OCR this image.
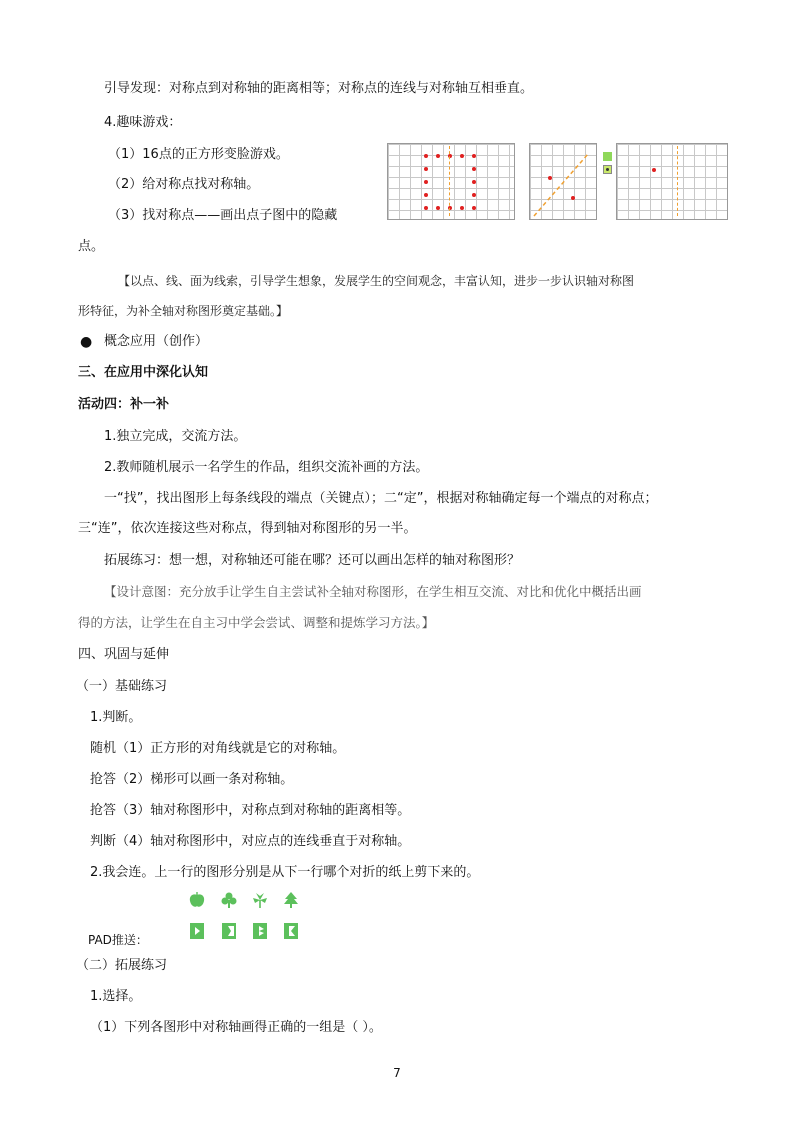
引导发现：对称点到对称轴的距离相等；对称点的连线与对称轴互相垂直。
4.趣味游戏：
（1）16点的正方形变脸游戏。
（2）给对称点找对称轴。
（3）找对称点——画出点子图中的隐藏
点。
【以点、线、面为线索，引导学生想象，发展学生的空间观念，丰富认知，进步一步认识轴对称图
形特征，为补全轴对称图形奠定基础。】
● 概念应用（创作）
三、在应用中深化认知
活动四：补一补
1.独立完成，交流方法。
2.教师随机展示一名学生的作品，组织交流补画的方法。
一“找”，找出图形上每条线段的端点（关键点）；二“定”，根据对称轴确定每一个端点的对称点；
三“连”，依次连接这些对称点，得到轴对称图形的另一半。
拓展练习：想一想，对称轴还可能在哪？还可以画出怎样的轴对称图形？
【设计意图：充分放手让学生自主尝试补全轴对称图形，在学生相互交流、对比和优化中概括出画
得的方法，让学生在自主习中学会尝试、调整和提炼学习方法。】
四、巩固与延伸
（一）基础练习
1.判断。
随机（1）正方形的对角线就是它的对称轴。
抢答（2）梯形可以画一条对称轴。
抢答（3）轴对称图形中，对称点到对称轴的距离相等。
判断（4）轴对称图形中，对应点的连线垂直于对称轴。
2.我会连。上一行的图形分别是从下一行哪个对折的纸上剪下来的。
PAD推送：
（二）拓展练习
1.选择。
（1）下列各图形中对称轴画得正确的一组是（ ）。
7
